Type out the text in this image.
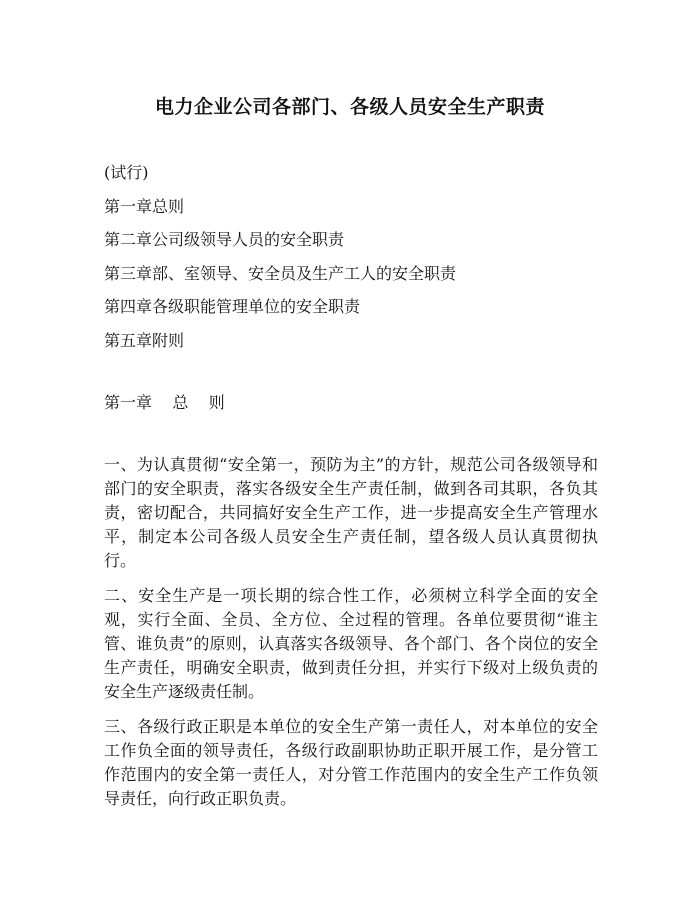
电力企业公司各部门、各级人员安全生产职责
(试行)
第一章总则
第二章公司级领导人员的安全职责
第三章部、室领导、安全员及生产工人的安全职责
第四章各级职能管理单位的安全职责
第五章附则
第一章    总    则

一、为认真贯彻“安全第一，预防为主”的方针，规范公司各级领导和部门的安全职责，落实各级安全生产责任制，做到各司其职，各负其责，密切配合，共同搞好安全生产工作，进一步提高安全生产管理水平，制定本公司各级人员安全生产责任制，望各级人员认真贯彻执行。

二、安全生产是一项长期的综合性工作，必须树立科学全面的安全观，实行全面、全员、全方位、全过程的管理。各单位要贯彻“谁主管、谁负责”的原则，认真落实各级领导、各个部门、各个岗位的安全生产责任，明确安全职责，做到责任分担，并实行下级对上级负责的安全生产逐级责任制。

三、各级行政正职是本单位的安全生产第一责任人，对本单位的安全工作负全面的领导责任，各级行政副职协助正职开展工作，是分管工作范围内的安全第一责任人，对分管工作范围内的安全生产工作负领导责任，向行政正职负责。
